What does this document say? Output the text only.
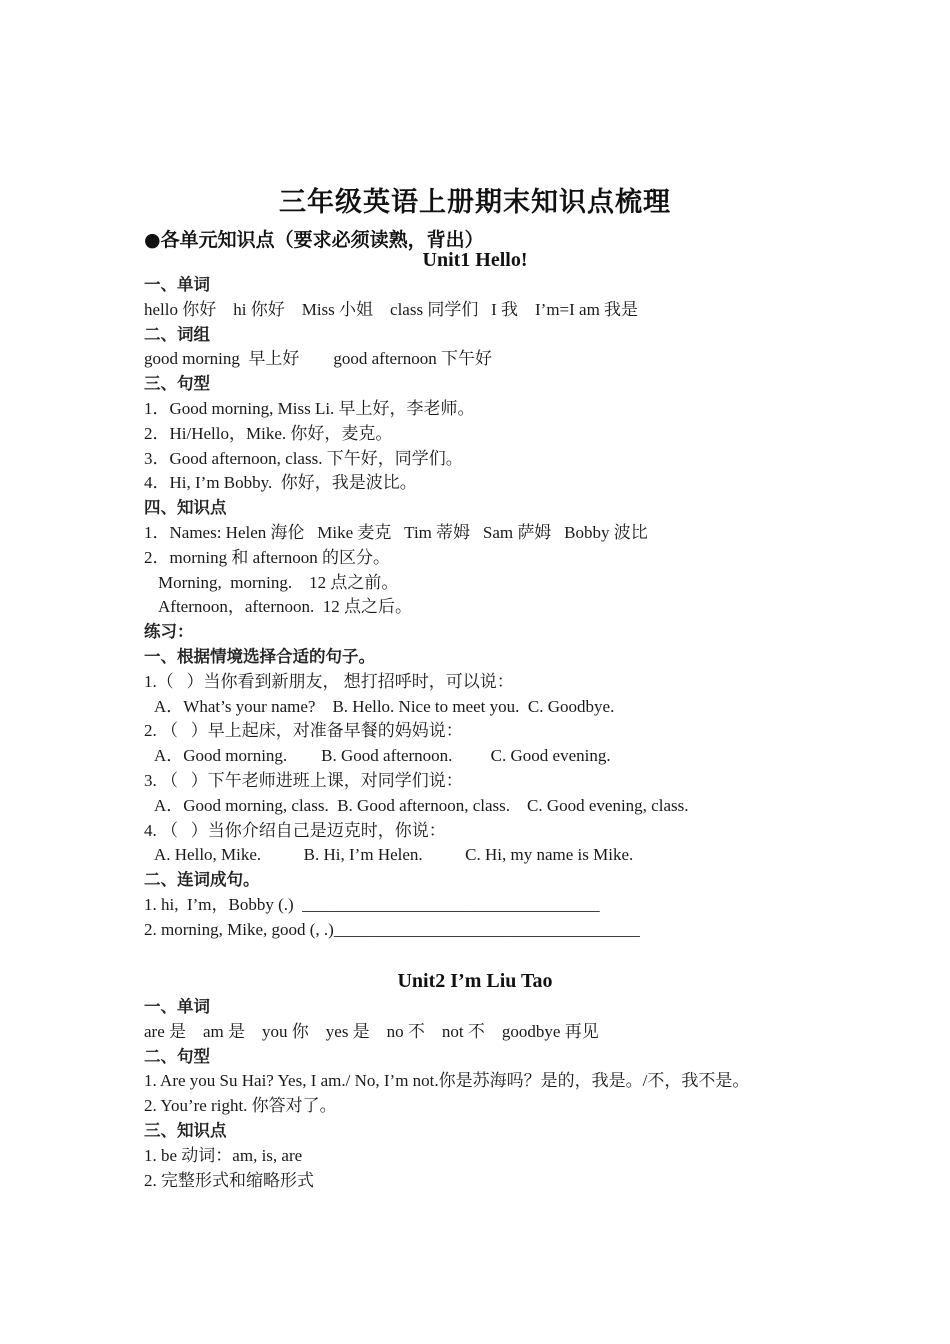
三年级英语上册期末知识点梳理
●各单元知识点（要求必须读熟，背出）
Unit1 Hello!
一、单词
hello 你好    hi 你好    Miss 小姐    class 同学们   I 我    I’m=I am 我是
二、词组
good morning  早上好        good afternoon 下午好
三、句型
1．Good morning, Miss Li. 早上好，李老师。
2．Hi/Hello，Mike. 你好，麦克。
3．Good afternoon, class. 下午好，同学们。
4．Hi, I’m Bobby.  你好，我是波比。
四、知识点
1．Names: Helen 海伦   Mike 麦克   Tim 蒂姆   Sam 萨姆   Bobby 波比
2．morning 和 afternoon 的区分。
Morning,  morning.    12 点之前。
Afternoon，afternoon.  12 点之后。
练习：
一、根据情境选择合适的句子。
1.（   ）当你看到新朋友， 想打招呼时，可以说：
A．What’s your name?    B. Hello. Nice to meet you.  C. Goodbye.
2. （   ）早上起床，对准备早餐的妈妈说：
A．Good morning.        B. Good afternoon.         C. Good evening.
3. （   ）下午老师进班上课，对同学们说：
A．Good morning, class.  B. Good afternoon, class.    C. Good evening, class.
4. （   ）当你介绍自己是迈克时，你说：
A. Hello, Mike.          B. Hi, I’m Helen.          C. Hi, my name is Mike.
二、连词成句。
1. hi,  I’m，Bobby (.)  ___________________________________
2. morning, Mike, good (, .)____________________________________
Unit2 I’m Liu Tao
一、单词
are 是    am 是    you 你    yes 是    no 不    not 不    goodbye 再见
二、句型
1. Are you Su Hai? Yes, I am./ No, I’m not.你是苏海吗？是的，我是。/不，我不是。
2. You’re right. 你答对了。
三、知识点
1. be 动词：am, is, are
2. 完整形式和缩略形式
